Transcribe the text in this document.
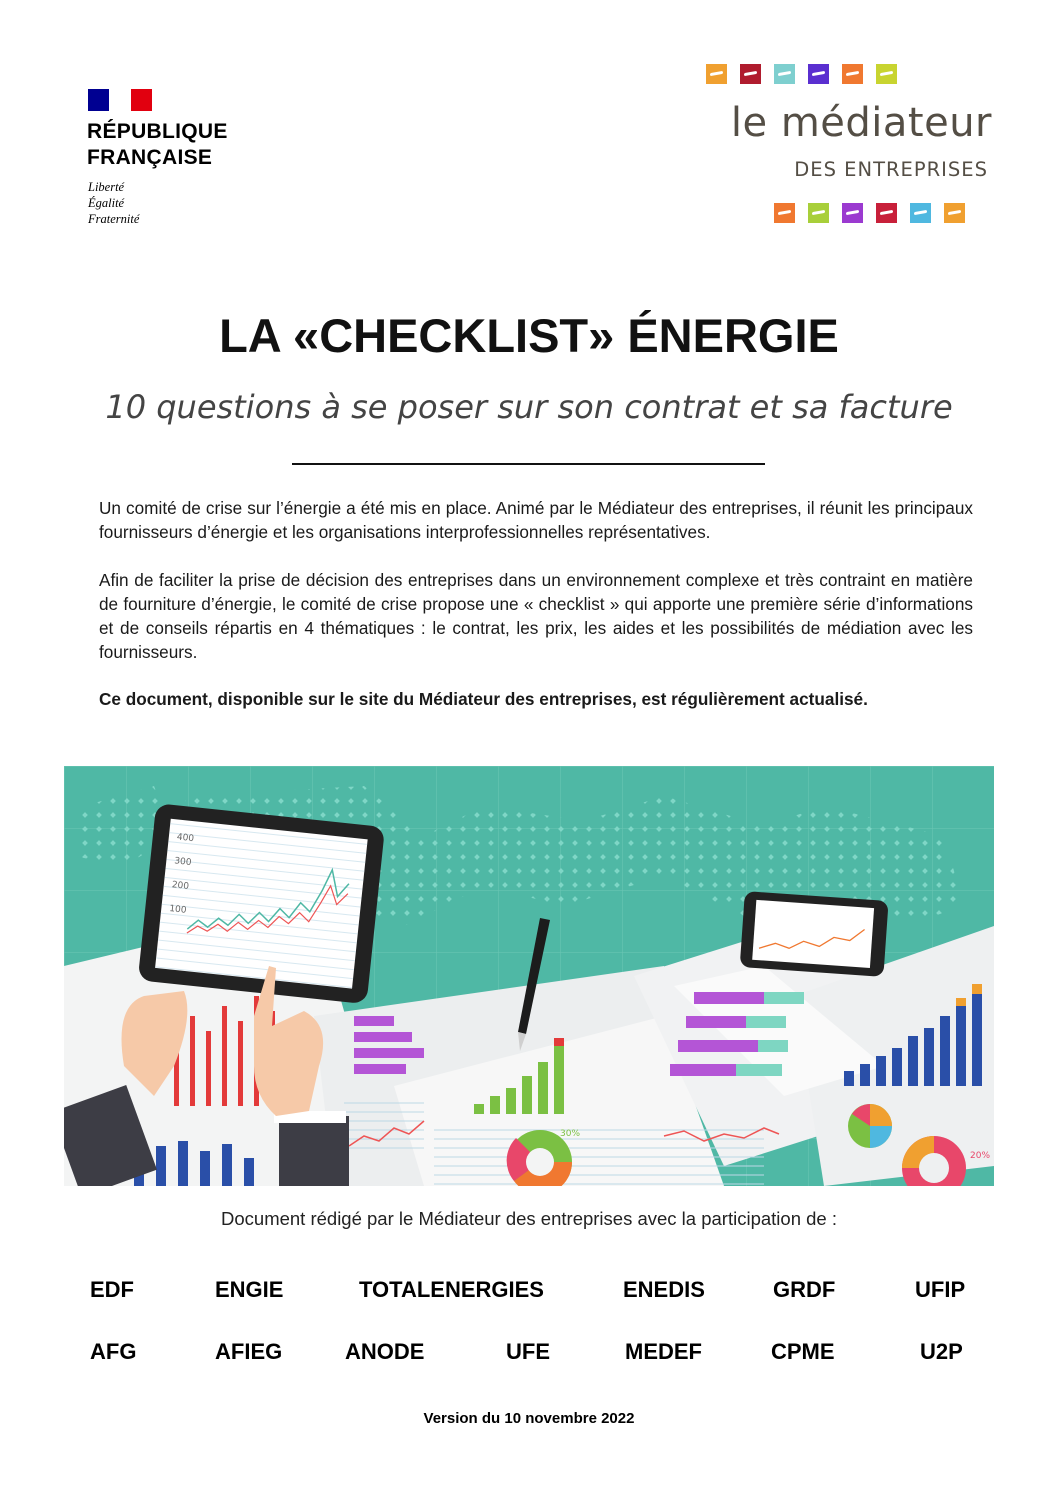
RÉPUBLIQUE
FRANÇAISE
Liberté
Égalité
Fraternité
le médiateur
DES ENTREPRISES
LA «CHECKLIST» ÉNERGIE
10 questions à se poser sur son contrat et sa facture
Un comité de crise sur l’énergie a été mis en place. Animé par le Médiateur des entreprises, il réunit les principaux fournisseurs d’énergie et les organisations interprofessionnelles représentatives.
Afin de faciliter la prise de décision des entreprises dans un environnement complexe et très contraint en matière de fourniture d’énergie, le comité de crise propose une « checklist » qui apporte une première série d’informations et de conseils répartis en 4 thématiques : le contrat, les prix, les aides et les possibilités de médiation avec les fournisseurs.
Ce document, disponible sur le site du Médiateur des entreprises, est régulièrement actualisé.
30%
20%
400
300
200
100
Document rédigé par le Médiateur des entreprises avec la participation de :
EDF	ENGIE	TOTALENERGIES	ENEDIS	GRDF	UFIP
AFG	AFIEG	ANODE	UFE	MEDEF	CPME	U2P
Version du 10 novembre 2022
